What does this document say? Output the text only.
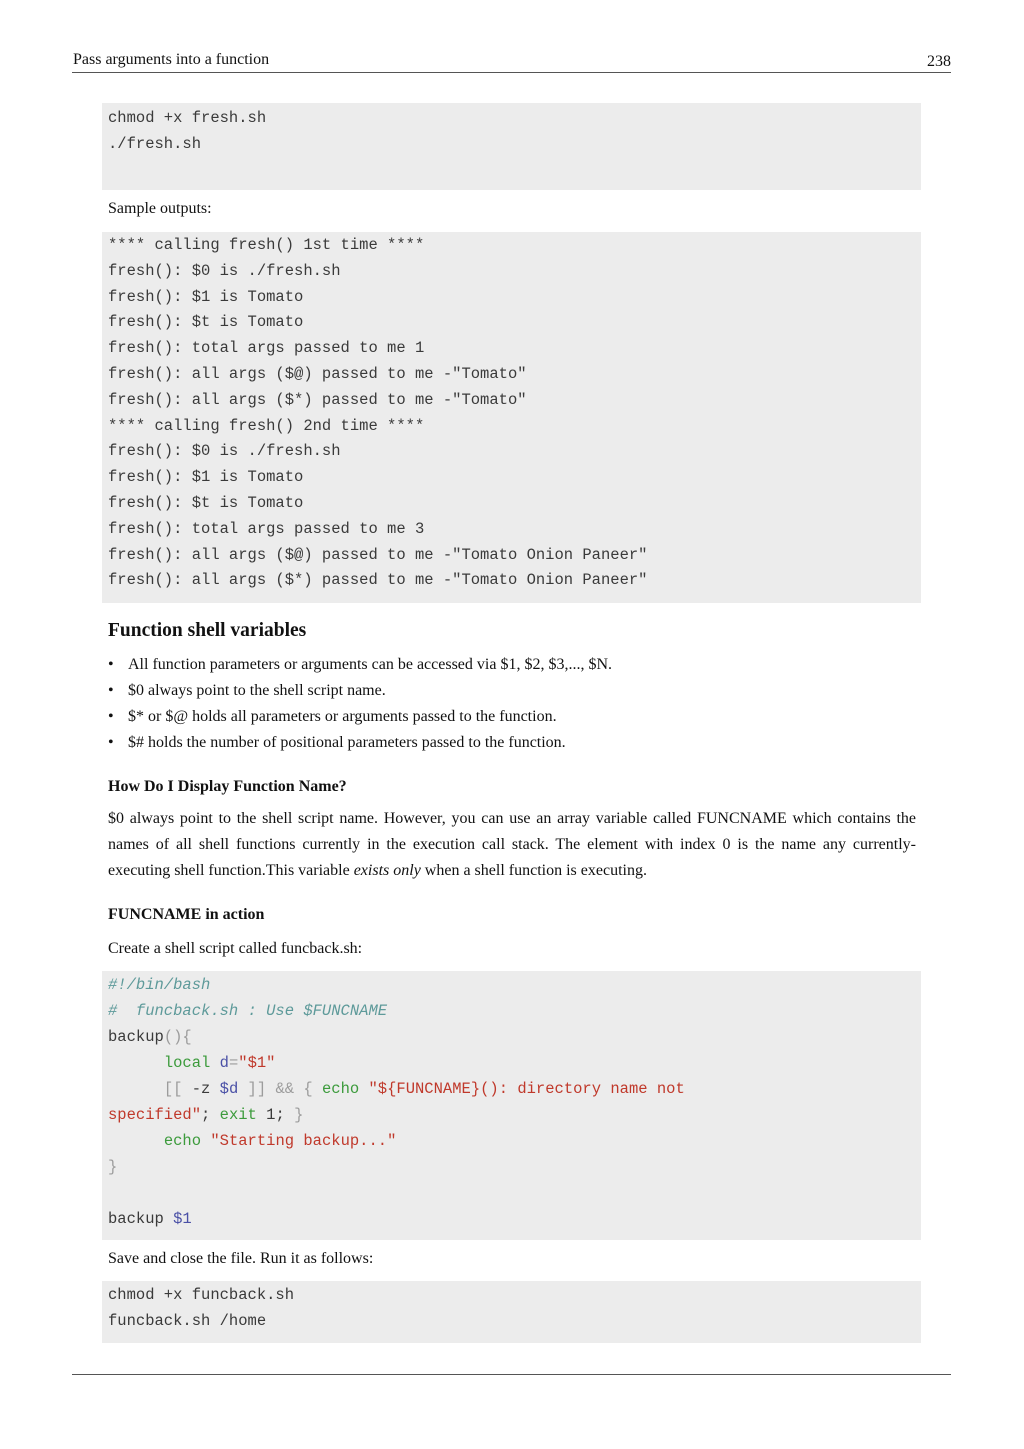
Pass arguments into a function	238
chmod +x fresh.sh
./fresh.sh
Sample outputs:
**** calling fresh() 1st time ****
fresh(): $0 is ./fresh.sh
fresh(): $1 is Tomato
fresh(): $t is Tomato
fresh(): total args passed to me 1
fresh(): all args ($@) passed to me -"Tomato"
fresh(): all args ($*) passed to me -"Tomato"
**** calling fresh() 2nd time ****
fresh(): $0 is ./fresh.sh
fresh(): $1 is Tomato
fresh(): $t is Tomato
fresh(): total args passed to me 3
fresh(): all args ($@) passed to me -"Tomato Onion Paneer"
fresh(): all args ($*) passed to me -"Tomato Onion Paneer"
Function shell variables
• All function parameters or arguments can be accessed via $1, $2, $3,..., $N.
• $0 always point to the shell script name.
• $* or $@ holds all parameters or arguments passed to the function.
• $# holds the number of positional parameters passed to the function.
How Do I Display Function Name?
$0 always point to the shell script name. However, you can use an array variable called FUNCNAME which contains the names of all shell functions currently in the execution call stack. The element with index 0 is the name any currently-executing shell function.This variable exists only when a shell function is executing.
FUNCNAME in action
Create a shell script called funcback.sh:
#!/bin/bash
#  funcback.sh : Use $FUNCNAME
backup(){
local d="$1"
[[ -z $d ]] && { echo "${FUNCNAME}(): directory name not
specified"; exit 1; }
echo "Starting backup..."
}
backup $1
Save and close the file. Run it as follows:
chmod +x funcback.sh
funcback.sh /home
